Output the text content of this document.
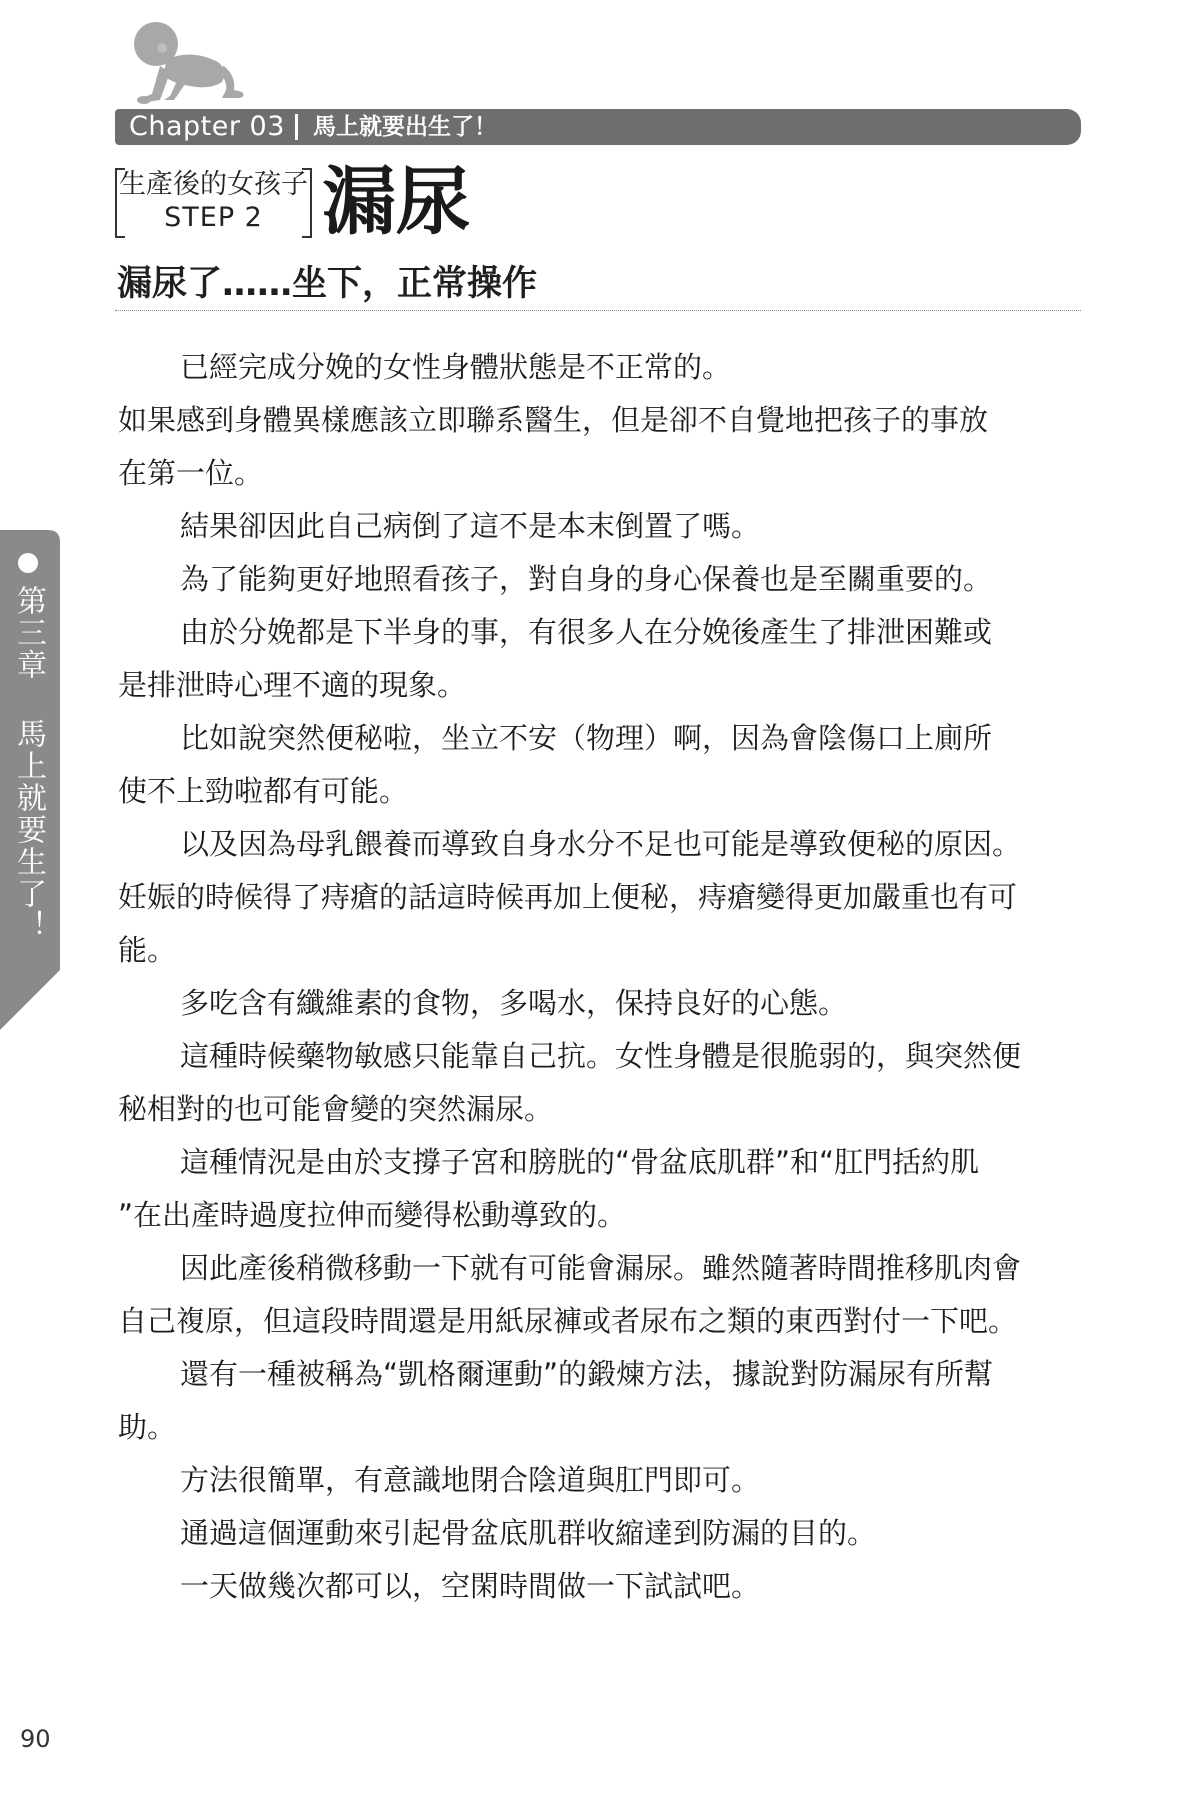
Chapter 03	馬上就要出生了！
生產後的女孩子
STEP 2 漏尿
漏尿了……坐下，正常操作
已經完成分娩的女性身體狀態是不正常的。
如果感到身體異樣應該立即聯系醫生，但是卻不自覺地把孩子的事放
在第一位。
結果卻因此自己病倒了這不是本末倒置了嗎。
為了能夠更好地照看孩子，對自身的身心保養也是至關重要的。
由於分娩都是下半身的事，有很多人在分娩後產生了排泄困難或
是排泄時心理不適的現象。
比如說突然便秘啦，坐立不安（物理）啊，因為會陰傷口上廁所
使不上勁啦都有可能。
以及因為母乳餵養而導致自身水分不足也可能是導致便秘的原因。
妊娠的時候得了痔瘡的話這時候再加上便秘，痔瘡變得更加嚴重也有可
能。
多吃含有纖維素的食物，多喝水，保持良好的心態。
這種時候藥物敏感只能靠自己抗。女性身體是很脆弱的，與突然便
秘相對的也可能會變的突然漏尿。
這種情況是由於支撐子宮和膀胱的“骨盆底肌群”和“肛門括約肌
”在出產時過度拉伸而變得松動導致的。
因此產後稍微移動一下就有可能會漏尿。雖然隨著時間推移肌肉會
自己複原，但這段時間還是用紙尿褲或者尿布之類的東西對付一下吧。
還有一種被稱為“凱格爾運動”的鍛煉方法，據說對防漏尿有所幫
助。
方法很簡單，有意識地閉合陰道與肛門即可。
通過這個運動來引起骨盆底肌群收縮達到防漏的目的。
一天做幾次都可以，空閑時間做一下試試吧。
第三章 馬上就要生了！
90
